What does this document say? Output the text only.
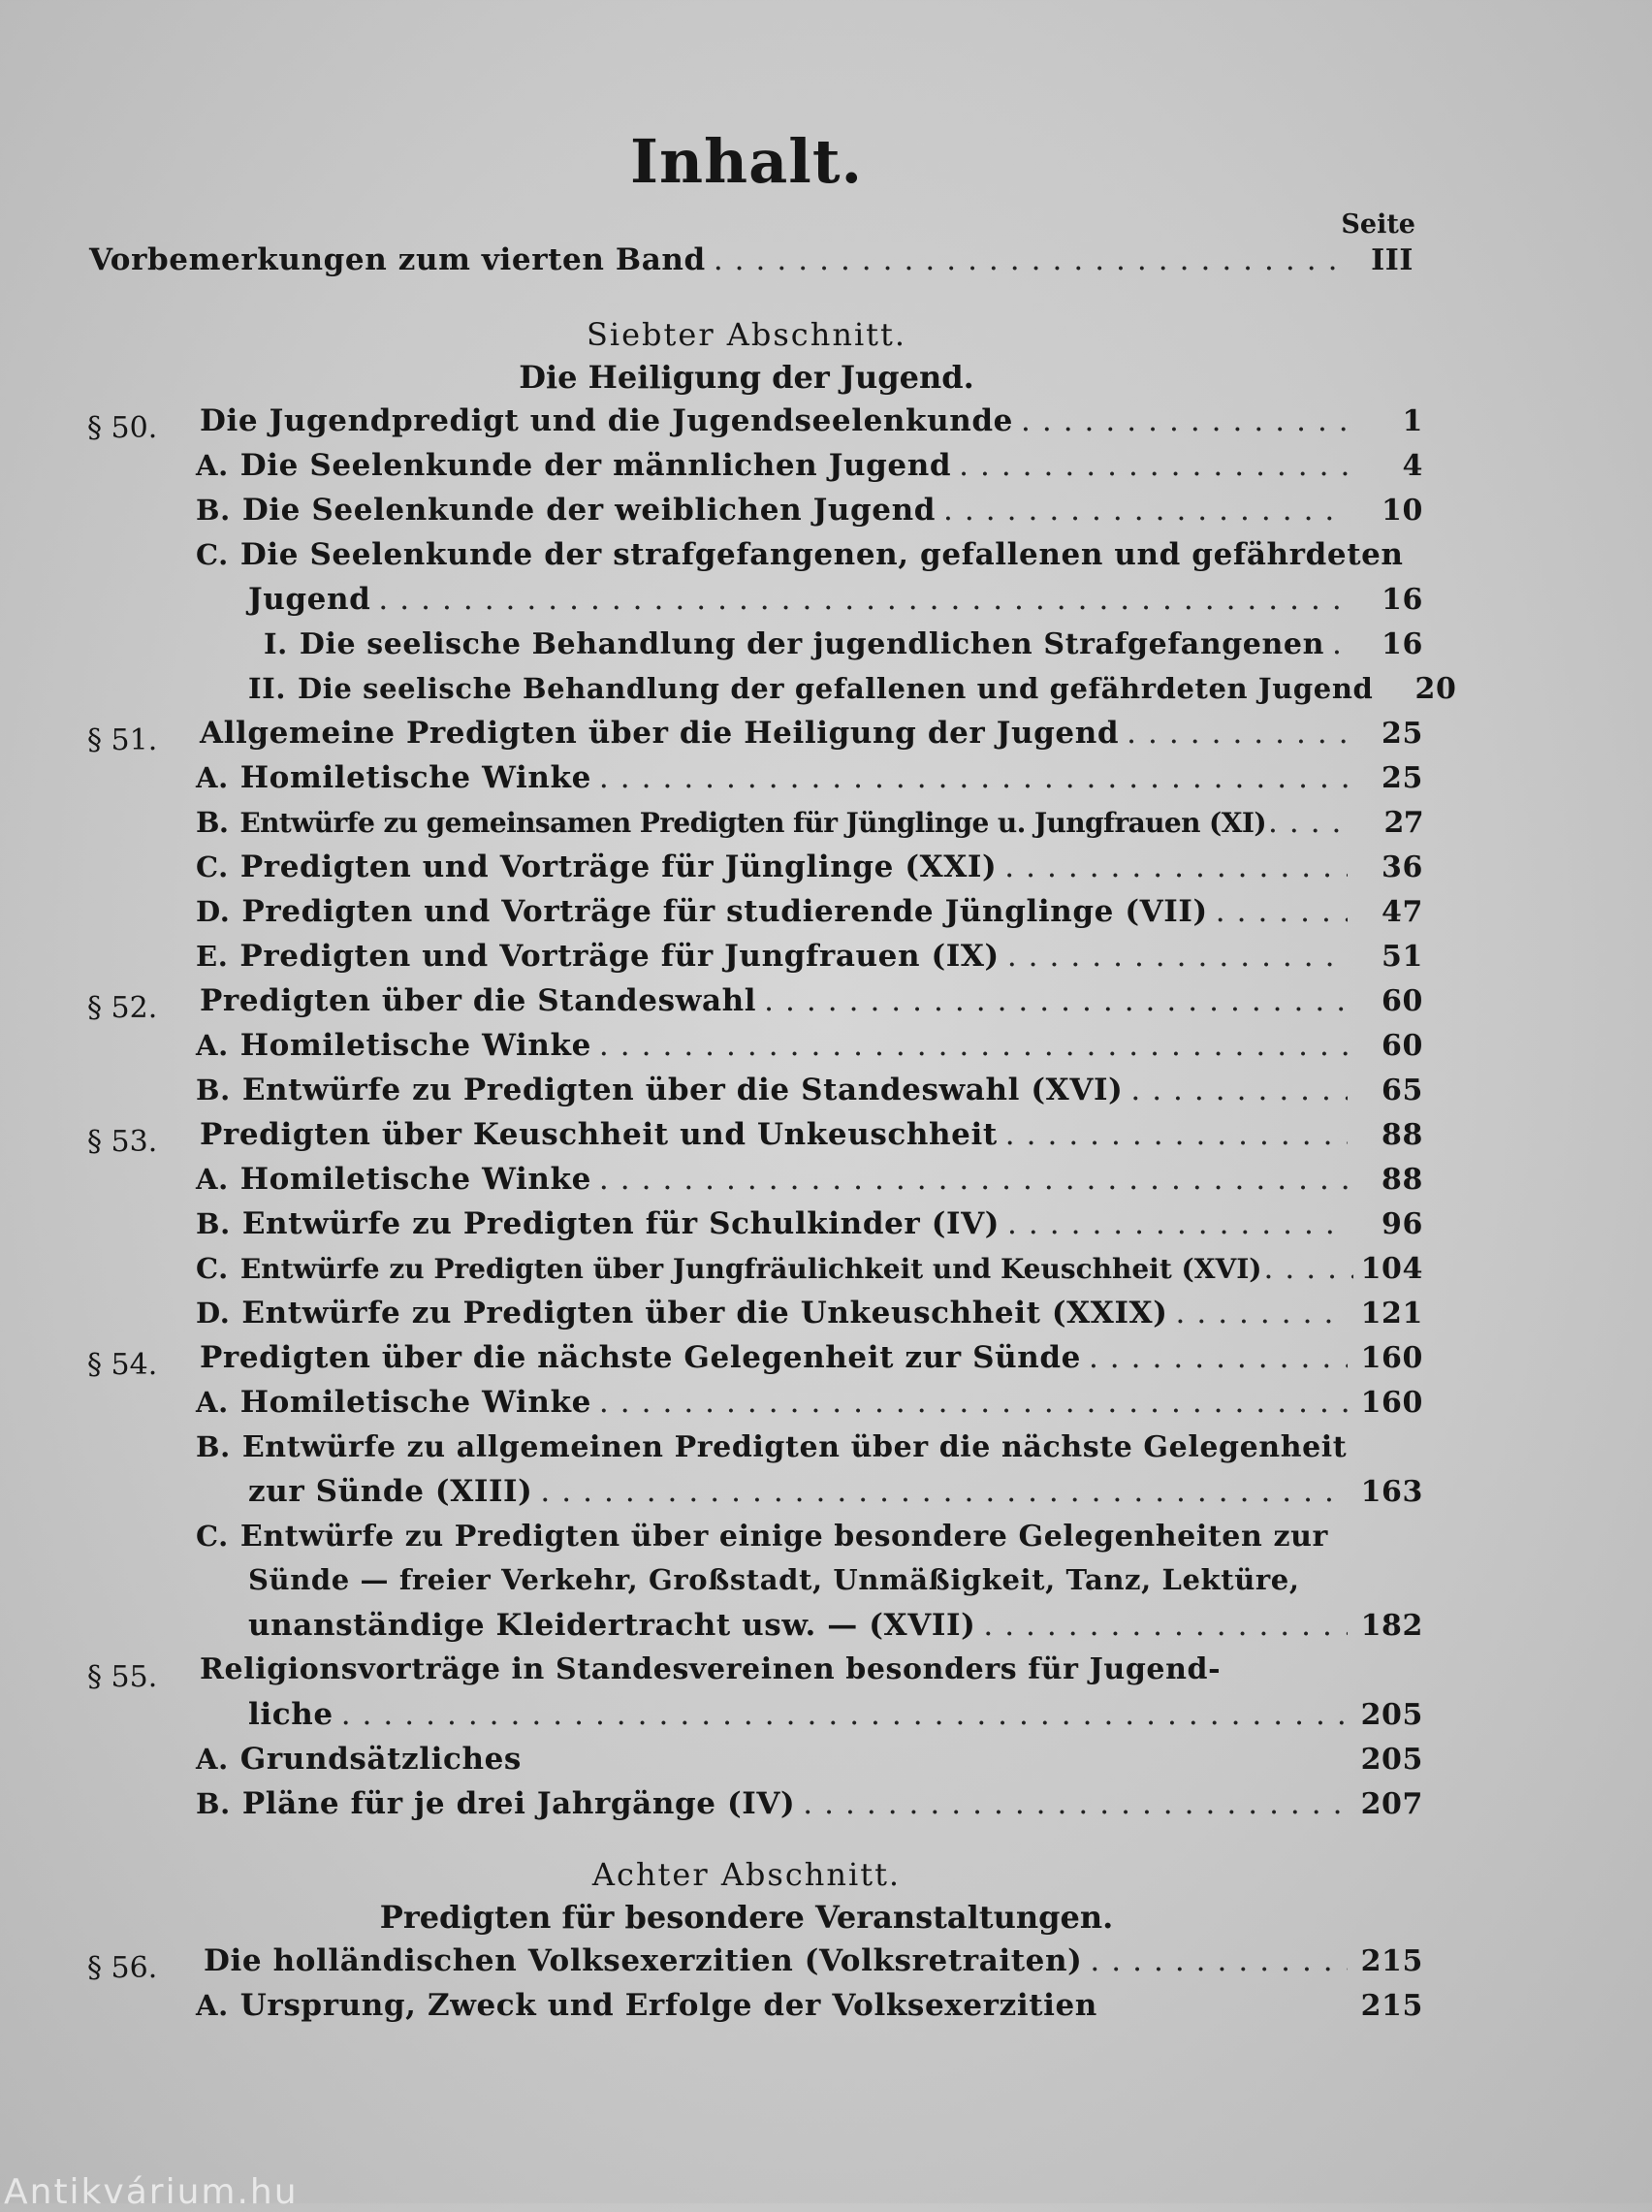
Inhalt.
Seite
Vorbemerkungen zum vierten Band .....	III
Siebter Abschnitt.
Die Heiligung der Jugend.
§ 50.	Die Jugendpredigt und die Jugendseelenkunde .....	1
A. Die Seelenkunde der männlichen Jugend .....	4
B. Die Seelenkunde der weiblichen Jugend .....	10
C. Die Seelenkunde der strafgefangenen, gefallenen und gefährdeten
Jugend .....	16
I. Die seelische Behandlung der jugendlichen Strafgefangenen .....	16
II. Die seelische Behandlung der gefallenen und gefährdeten Jugend	20
§ 51.	Allgemeine Predigten über die Heiligung der Jugend .....	25
A. Homiletische Winke .....	25
B. Entwürfe zu gemeinsamen Predigten für Jünglinge u. Jungfrauen (XI) .....	27
C. Predigten und Vorträge für Jünglinge (XXI) .....	36
D. Predigten und Vorträge für studierende Jünglinge (VII) .....	47
E. Predigten und Vorträge für Jungfrauen (IX) .....	51
§ 52.	Predigten über die Standeswahl .....	60
A. Homiletische Winke .....	60
B. Entwürfe zu Predigten über die Standeswahl (XVI) .....	65
§ 53.	Predigten über Keuschheit und Unkeuschheit .....	88
A. Homiletische Winke .....	88
B. Entwürfe zu Predigten für Schulkinder (IV) .....	96
C. Entwürfe zu Predigten über Jungfräulichkeit und Keuschheit (XVI) .....	104
D. Entwürfe zu Predigten über die Unkeuschheit (XXIX) .....	121
§ 54.	Predigten über die nächste Gelegenheit zur Sünde .....	160
A. Homiletische Winke .....	160
B. Entwürfe zu allgemeinen Predigten über die nächste Gelegenheit
zur Sünde (XIII) .....	163
C. Entwürfe zu Predigten über einige besondere Gelegenheiten zur
Sünde — freier Verkehr, Großstadt, Unmäßigkeit, Tanz, Lektüre,
unanständige Kleidertracht usw. — (XVII) .....	182
§ 55.	Religionsvorträge in Standesvereinen besonders für Jugend-
liche .....	205
A. Grundsätzliches	205
B. Pläne für je drei Jahrgänge (IV) .....	207
Achter Abschnitt.
Predigten für besondere Veranstaltungen.
§ 56.	Die holländischen Volksexerzitien (Volksretraiten) .....	215
A. Ursprung, Zweck und Erfolge der Volksexerzitien	215
Antikvárium.hu
